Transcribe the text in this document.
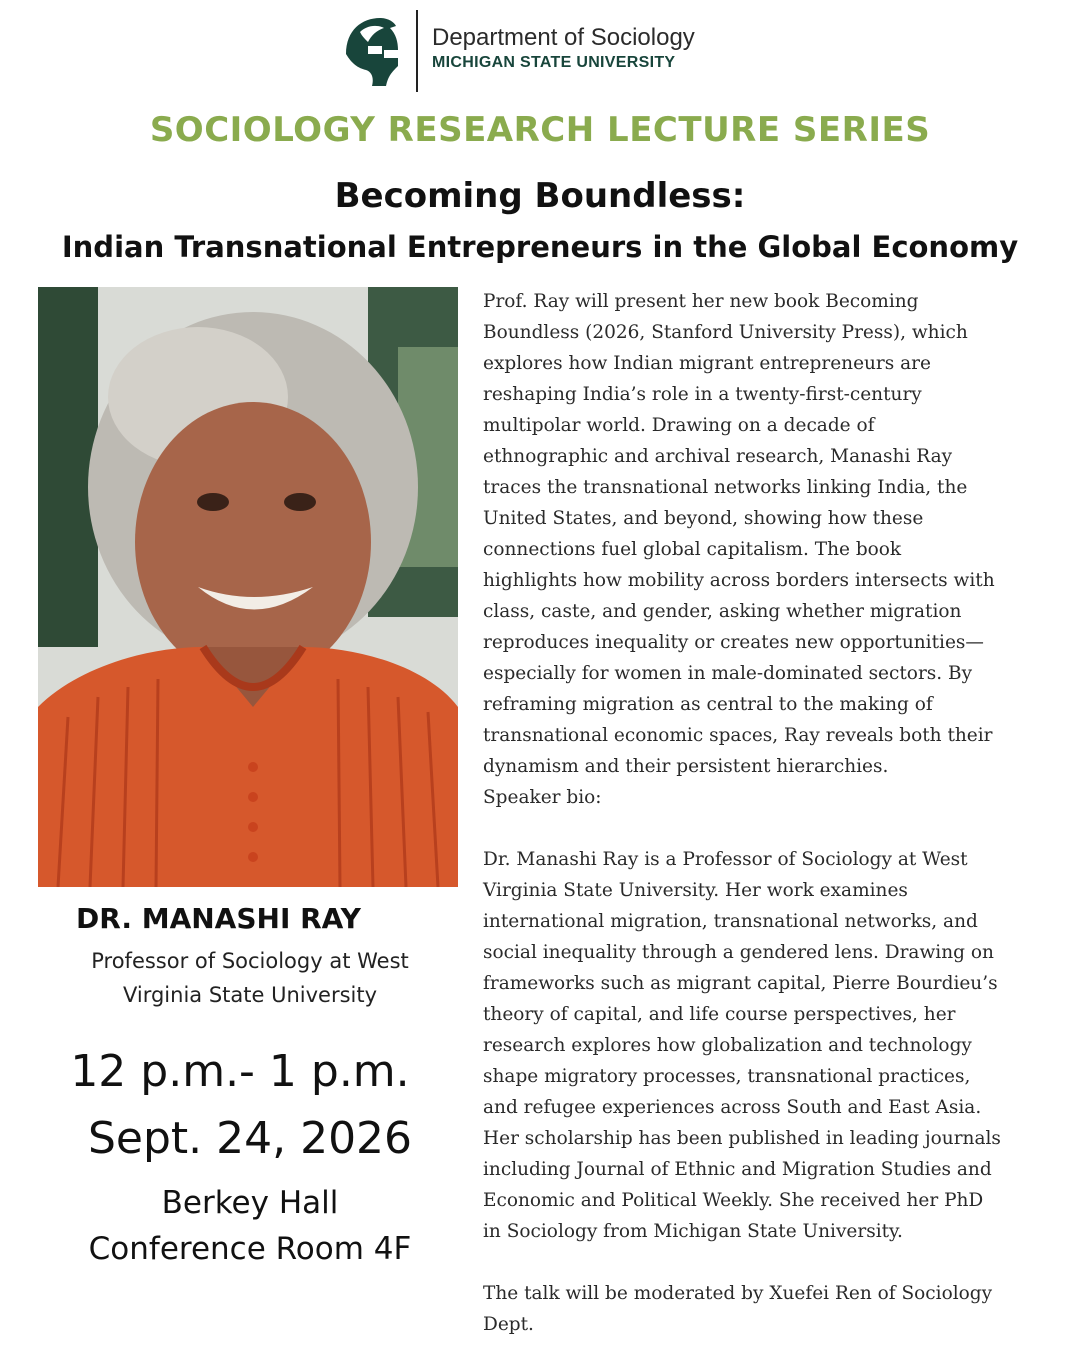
Department of Sociology
MICHIGAN STATE UNIVERSITY
SOCIOLOGY RESEARCH LECTURE SERIES
Becoming Boundless:
Indian Transnational Entrepreneurs in the Global Economy
DR. MANASHI RAY
Professor of Sociology at West
Virginia State University
12 p.m.- 1 p.m.
Sept. 24, 2026
Berkey Hall
Conference Room 4F

Prof. Ray will present her new book Becoming
Boundless (2026, Stanford University Press), which
explores how Indian migrant entrepreneurs are
reshaping India’s role in a twenty-first-century
multipolar world. Drawing on a decade of
ethnographic and archival research, Manashi Ray
traces the transnational networks linking India, the
United States, and beyond, showing how these
connections fuel global capitalism. The book
highlights how mobility across borders intersects with
class, caste, and gender, asking whether migration
reproduces inequality or creates new opportunities—
especially for women in male-dominated sectors. By
reframing migration as central to the making of
transnational economic spaces, Ray reveals both their
dynamism and their persistent hierarchies.

Speaker bio:

Dr. Manashi Ray is a Professor of Sociology at West
Virginia State University. Her work examines
international migration, transnational networks, and
social inequality through a gendered lens. Drawing on
frameworks such as migrant capital, Pierre Bourdieu’s
theory of capital, and life course perspectives, her
research explores how globalization and technology
shape migratory processes, transnational practices,
and refugee experiences across South and East Asia.
Her scholarship has been published in leading journals
including Journal of Ethnic and Migration Studies and
Economic and Political Weekly. She received her PhD
in Sociology from Michigan State University.

The talk will be moderated by Xuefei Ren of Sociology
Dept.
